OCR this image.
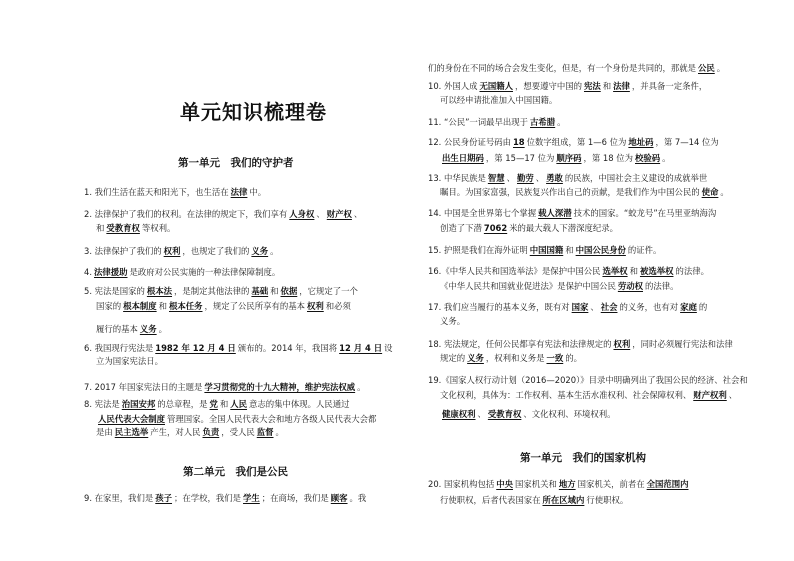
单元知识梳理卷
第一单元　我们的守护者
第二单元　我们是公民
第一单元　我们的国家机构
1. 我们生活在蓝天和阳光下，也生活在 法律 中。
2. 法律保护了我们的权利。在法律的规定下，我们享有 人身权 、 财产权 、
和 受教育权 等权利。
3. 法律保护了我们的 权利 ，也规定了我们的 义务 。
4. 法律援助 是政府对公民实施的一种法律保障制度。
5. 宪法是国家的 根本法 ，是制定其他法律的 基础 和 依据 ，它规定了一个
国家的 根本制度 和 根本任务 ，规定了公民所享有的基本 权利 和必须
履行的基本 义务 。
6. 我国现行宪法是 1982 年 12 月 4 日 颁布的。2014 年，我国将 12 月 4 日 设
立为国家宪法日。
7. 2017 年国家宪法日的主题是 学习贯彻党的十九大精神，维护宪法权威 。
8. 宪法是 治国安邦 的总章程，是 党 和 人民 意志的集中体现。人民通过
人民代表大会制度 管理国家。全国人民代表大会和地方各级人民代表大会都
是由 民主选举 产生，对人民 负责 ，受人民 监督 。
9. 在家里，我们是 孩子 ；在学校，我们是 学生 ；在商场，我们是 顾客 。我
们的身份在不同的场合会发生变化，但是，有一个身份是共同的，那就是 公民 。
10. 外国人成 无国籍人 ，想要遵守中国的 宪法 和 法律 ，并具备一定条件，
可以经申请批准加入中国国籍。
11. “公民”一词最早出现于 古希腊 。
12. 公民身份证号码由 18 位数字组成，第 1—6 位为 地址码 ，第 7—14 位为
出生日期码 ，第 15—17 位为 顺序码 ，第 18 位为 校验码 。
13. 中华民族是 智慧 、 勤劳 、 勇敢 的民族，中国社会主义建设的成就举世
瞩目。为国家富强，民族复兴作出自己的贡献，是我们作为中国公民的 使命 。
14. 中国是全世界第七个掌握 载人深潜 技术的国家。“蛟龙号”在马里亚纳海沟
创造了下潜 7062 米的最大载人下潜深度纪录。
15. 护照是我们在海外证明 中国国籍 和 中国公民身份 的证件。
16.《中华人民共和国选举法》是保护中国公民 选举权 和 被选举权 的法律。
《中华人民共和国就业促进法》是保护中国公民 劳动权 的法律。
17. 我们应当履行的基本义务，既有对 国家 、 社会 的义务，也有对 家庭 的
义务。
18. 宪法规定，任何公民都享有宪法和法律规定的 权利 ，同时必须履行宪法和法律
规定的 义务 ，权利和义务是 一致 的。
19.《国家人权行动计划（2016—2020）》目录中明确列出了我国公民的经济、社会和
文化权利，具体为：工作权利、基本生活水准权利、社会保障权利、 财产权利 、
健康权利 、 受教育权 、文化权利、环境权利。
20. 国家机构包括 中央 国家机关和 地方 国家机关，前者在 全国范围内
行使职权，后者代表国家在 所在区域内 行使职权。
